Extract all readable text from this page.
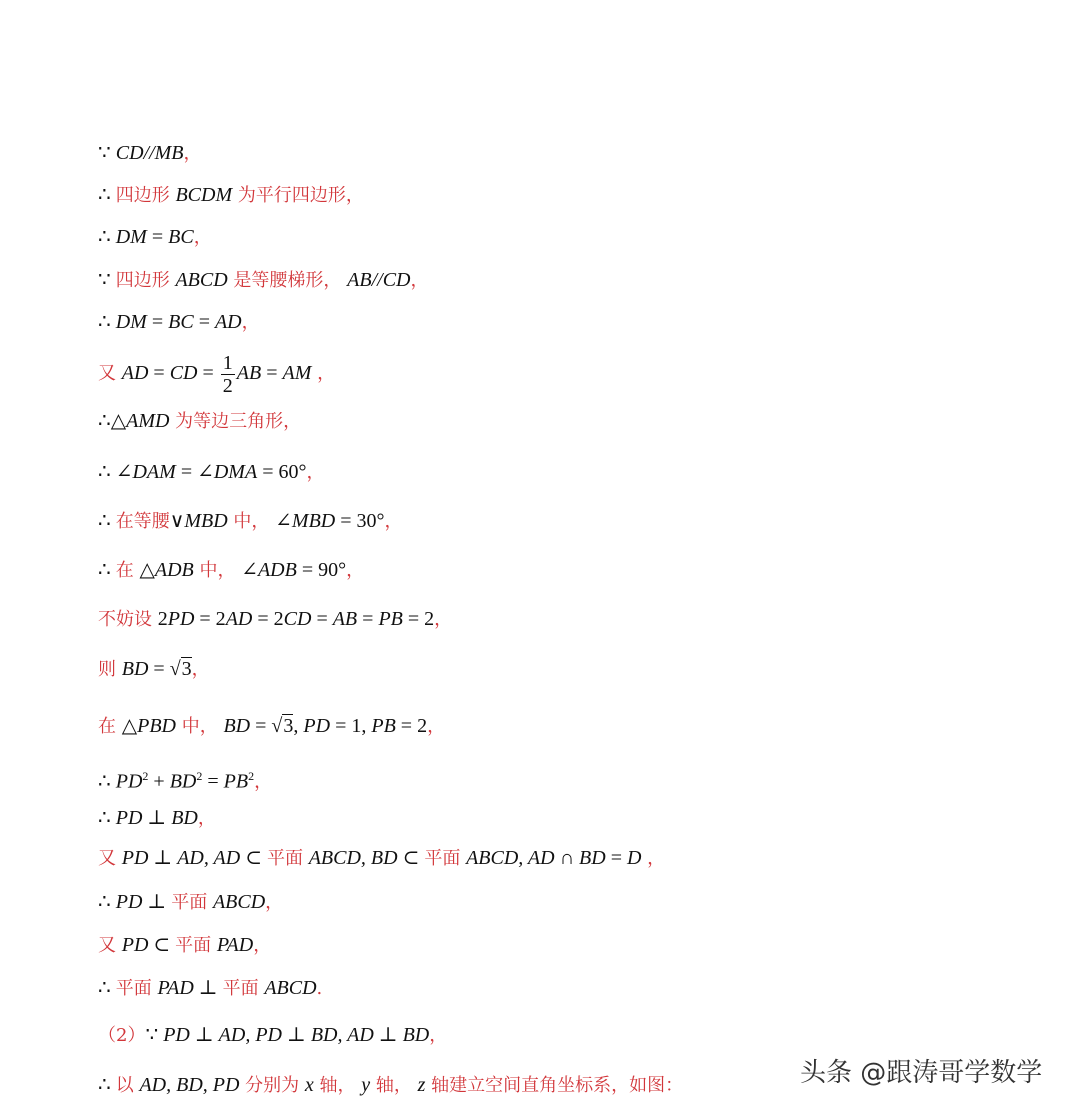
∵ CD//MB，
∴ 四边形 BCDM 为平行四边形，
∴ DM = BC，
∵ 四边形 ABCD 是等腰梯形， AB//CD，
∴ DM = BC = AD，
又 AD = CD = $\frac{1}{2}$ AB = AM ，
∴△AMD 为等边三角形，
∴ ∠DAM = ∠DMA = 60°，
∴ 在等腰∨MBD 中， ∠MBD = 30°，
∴ 在 △ADB 中， ∠ADB = 90°，
不妨设 2PD = 2AD = 2CD = AB = PB = 2，
则 BD = √3，
在 △PBD 中， BD = √3, PD = 1, PB = 2，
∴ $PD^2 + BD^2 = PB^2$，
∴ PD ⊥ BD，
又 PD ⊥ AD, AD ⊂ 平面 ABCD, BD ⊂ 平面 ABCD, AD ∩ BD = D ，
∴ PD ⊥ 平面 ABCD，
又 PD ⊂ 平面 PAD，
∴ 平面 PAD ⊥ 平面 ABCD.
（2）∵ PD ⊥ AD, PD ⊥ BD, AD ⊥ BD，
∴ 以 AD, BD, PD 分别为 x 轴， y 轴， z 轴建立空间直角坐标系，如图：	头条 @跟涛哥学数学
